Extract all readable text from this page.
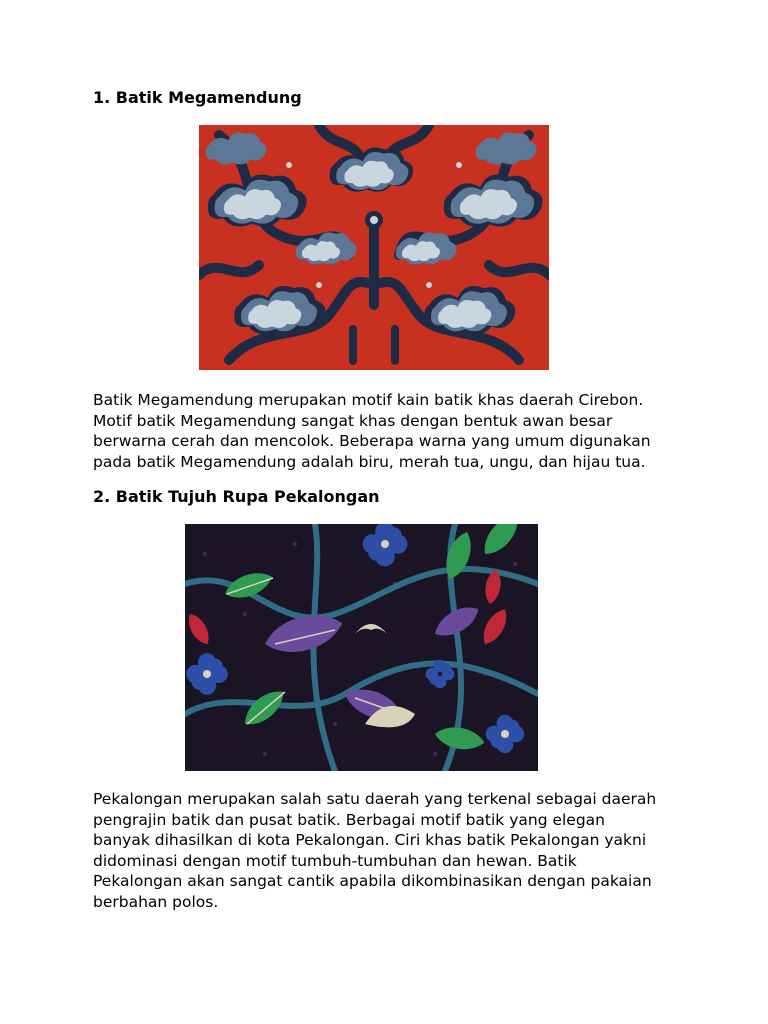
1. Batik Megamendung

Batik Megamendung merupakan motif kain batik khas daerah Cirebon.
Motif batik Megamendung sangat khas dengan bentuk awan besar
berwarna cerah dan mencolok. Beberapa warna yang umum digunakan
pada batik Megamendung adalah biru, merah tua, ungu, dan hijau tua.

2. Batik Tujuh Rupa Pekalongan

Pekalongan merupakan salah satu daerah yang terkenal sebagai daerah
pengrajin batik dan pusat batik. Berbagai motif batik yang elegan
banyak dihasilkan di kota Pekalongan. Ciri khas batik Pekalongan yakni
didominasi dengan motif tumbuh-tumbuhan dan hewan. Batik
Pekalongan akan sangat cantik apabila dikombinasikan dengan pakaian
berbahan polos.
